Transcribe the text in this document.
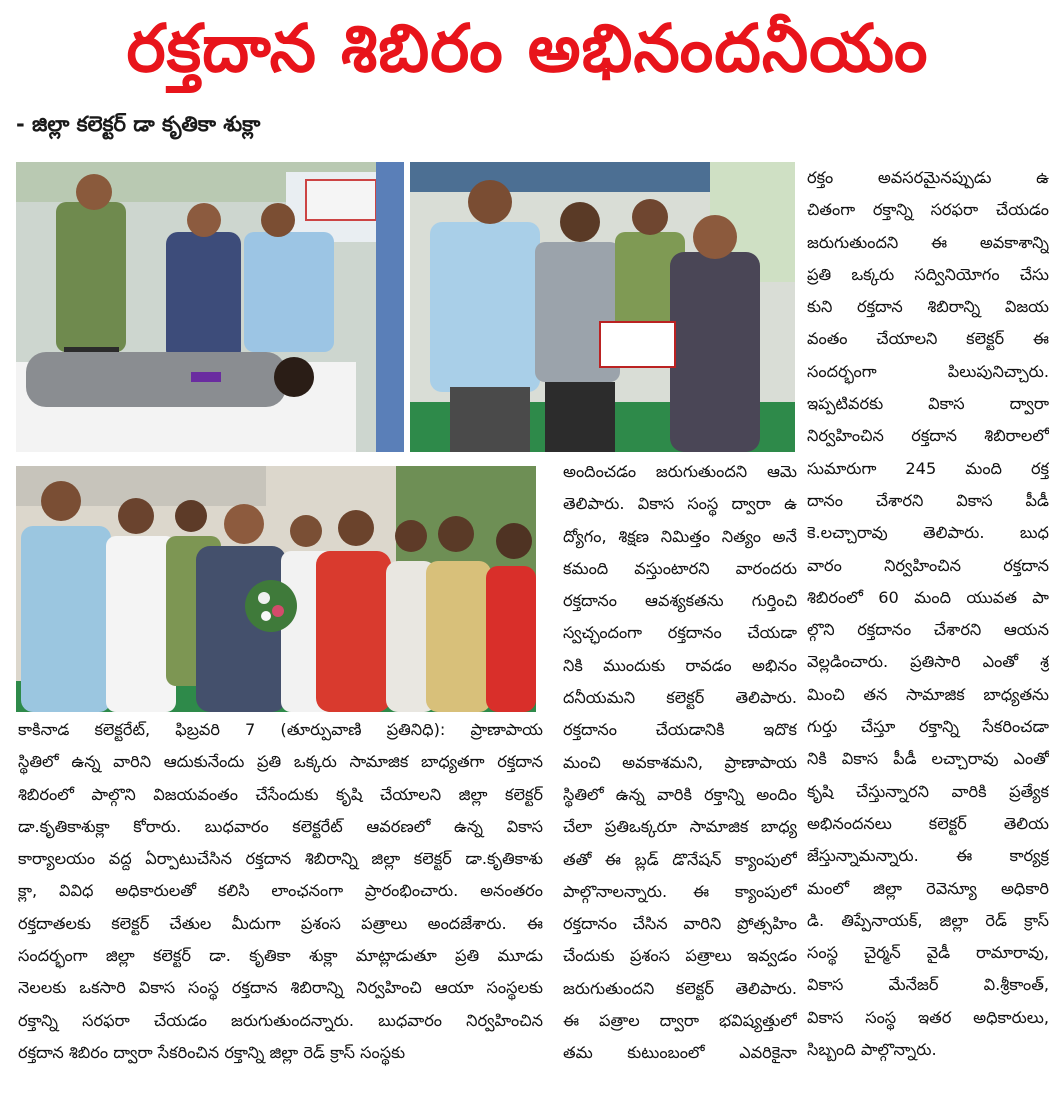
రక్తదాన శిబిరం అభినందనీయం
- జిల్లా కలెక్టర్ డా కృతికా శుక్లా
రక్తం అవసరమైనప్పుడు ఉ
చితంగా రక్తాన్ని సరఫరా చేయడం
జరుగుతుందని ఈ అవకాశాన్ని
ప్రతి ఒక్కరు సద్వినియోగం చేసు
కుని రక్తదాన శిబిరాన్ని విజయ
వంతం చేయాలని కలెక్టర్ ఈ
సందర్భంగా పిలుపునిచ్చారు.
ఇప్పటివరకు వికాస ద్వారా
నిర్వహించిన రక్తదాన శిబిరాలలో
సుమారుగా 245 మంది రక్త
దానం చేశారని వికాస పీడీ
కె.లచ్చారావు తెలిపారు. బుధ
వారం నిర్వహించిన రక్తదాన
శిబిరంలో 60 మంది యువత పా
ల్గొని రక్తదానం చేశారని ఆయన
వెల్లడించారు. ప్రతిసారి ఎంతో శ్ర
మించి తన సామాజిక బాధ్యతను
గుర్తు చేస్తూ రక్తాన్ని సేకరించడా
నికి వికాస పీడీ లచ్చారావు ఎంతో
కృషి చేస్తున్నారని వారికి ప్రత్యేక
అభినందనలు కలెక్టర్ తెలియ
జేస్తున్నామన్నారు. ఈ కార్యక్ర
మంలో జిల్లా రెవెన్యూ అధికారి
డి. తిప్పేనాయక్, జిల్లా రెడ్ క్రాస్
సంస్థ చైర్మన్ వైడీ రామారావు,
వికాస మేనేజర్ వి.శ్రీకాంత్,
వికాస సంస్థ ఇతర అధికారులు,
సిబ్బంది పాల్గొన్నారు.
అందించడం జరుగుతుందని ఆమె
తెలిపారు. వికాస సంస్థ ద్వారా ఉ
ద్యోగం, శిక్షణ నిమిత్తం నిత్యం అనే
కమంది వస్తుంటారని వారందరు
రక్తదానం ఆవశ్యకతను గుర్తించి
స్వచ్ఛందంగా రక్తదానం చేయడా
నికి ముందుకు రావడం అభినం
దనీయమని కలెక్టర్ తెలిపారు.
రక్తదానం చేయడానికి ఇదొక
మంచి అవకాశమని, ప్రాణాపాయ
స్థితిలో ఉన్న వారికి రక్తాన్ని అందిం
చేలా ప్రతిఒక్కరూ సామాజిక బాధ్య
తతో ఈ బ్లడ్ డొనేషన్ క్యాంపులో
పాల్గొనాలన్నారు. ఈ క్యాంపులో
రక్తదానం చేసిన వారిని ప్రోత్సహిం
చేందుకు ప్రశంస పత్రాలు ఇవ్వడం
జరుగుతుందని కలెక్టర్ తెలిపారు.
ఈ పత్రాల ద్వారా భవిష్యత్తులో
తమ కుటుంబంలో ఎవరికైనా
కాకినాడ కలెక్టరేట్, ఫిబ్రవరి 7 (తూర్పువాణి ప్రతినిధి): ప్రాణాపాయ
స్థితిలో ఉన్న వారిని ఆదుకునేందు ప్రతి ఒక్కరు సామాజిక బాధ్యతగా రక్తదాన
శిబిరంలో పాల్గొని విజయవంతం చేసేందుకు కృషి చేయాలని జిల్లా కలెక్టర్
డా.కృతికాశుక్లా కోరారు. బుధవారం కలెక్టరేట్ ఆవరణలో ఉన్న వికాస
కార్యాలయం వద్ద ఏర్పాటుచేసిన రక్తదాన శిబిరాన్ని జిల్లా కలెక్టర్ డా.కృతికాశు
క్లా, వివిధ అధికారులతో కలిసి లాంఛనంగా ప్రారంభించారు. అనంతరం
రక్తదాతలకు కలెక్టర్ చేతుల మీదుగా ప్రశంస పత్రాలు అందజేశారు. ఈ
సందర్భంగా జిల్లా కలెక్టర్ డా. కృతికా శుక్లా మాట్లాడుతూ ప్రతి మూడు
నెలలకు ఒకసారి వికాస సంస్థ రక్తదాన శిబిరాన్ని నిర్వహించి ఆయా సంస్థలకు
రక్తాన్ని సరఫరా చేయడం జరుగుతుందన్నారు. బుధవారం నిర్వహించిన
రక్తదాన శిబిరం ద్వారా సేకరించిన రక్తాన్ని జిల్లా రెడ్ క్రాస్ సంస్థకు
